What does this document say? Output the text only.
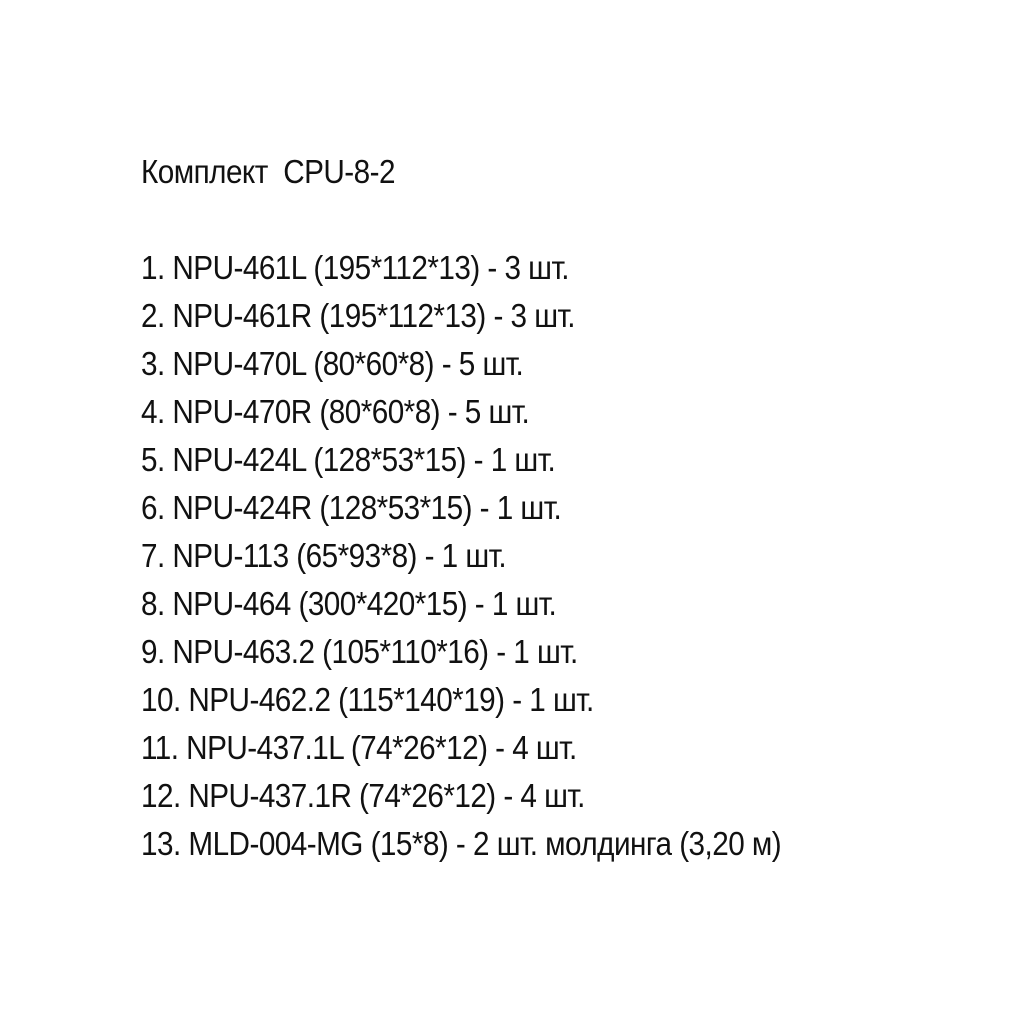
Комплект  CPU-8-2
1. NPU-461L (195*112*13) - 3 шт.
2. NPU-461R (195*112*13) - 3 шт.
3. NPU-470L (80*60*8) - 5 шт.
4. NPU-470R (80*60*8) - 5 шт.
5. NPU-424L (128*53*15) - 1 шт.
6. NPU-424R (128*53*15) - 1 шт.
7. NPU-113 (65*93*8) - 1 шт.
8. NPU-464 (300*420*15) - 1 шт.
9. NPU-463.2 (105*110*16) - 1 шт.
10. NPU-462.2 (115*140*19) - 1 шт.
11. NPU-437.1L (74*26*12) - 4 шт.
12. NPU-437.1R (74*26*12) - 4 шт.
13. MLD-004-MG (15*8) - 2 шт. молдинга (3,20 м)
